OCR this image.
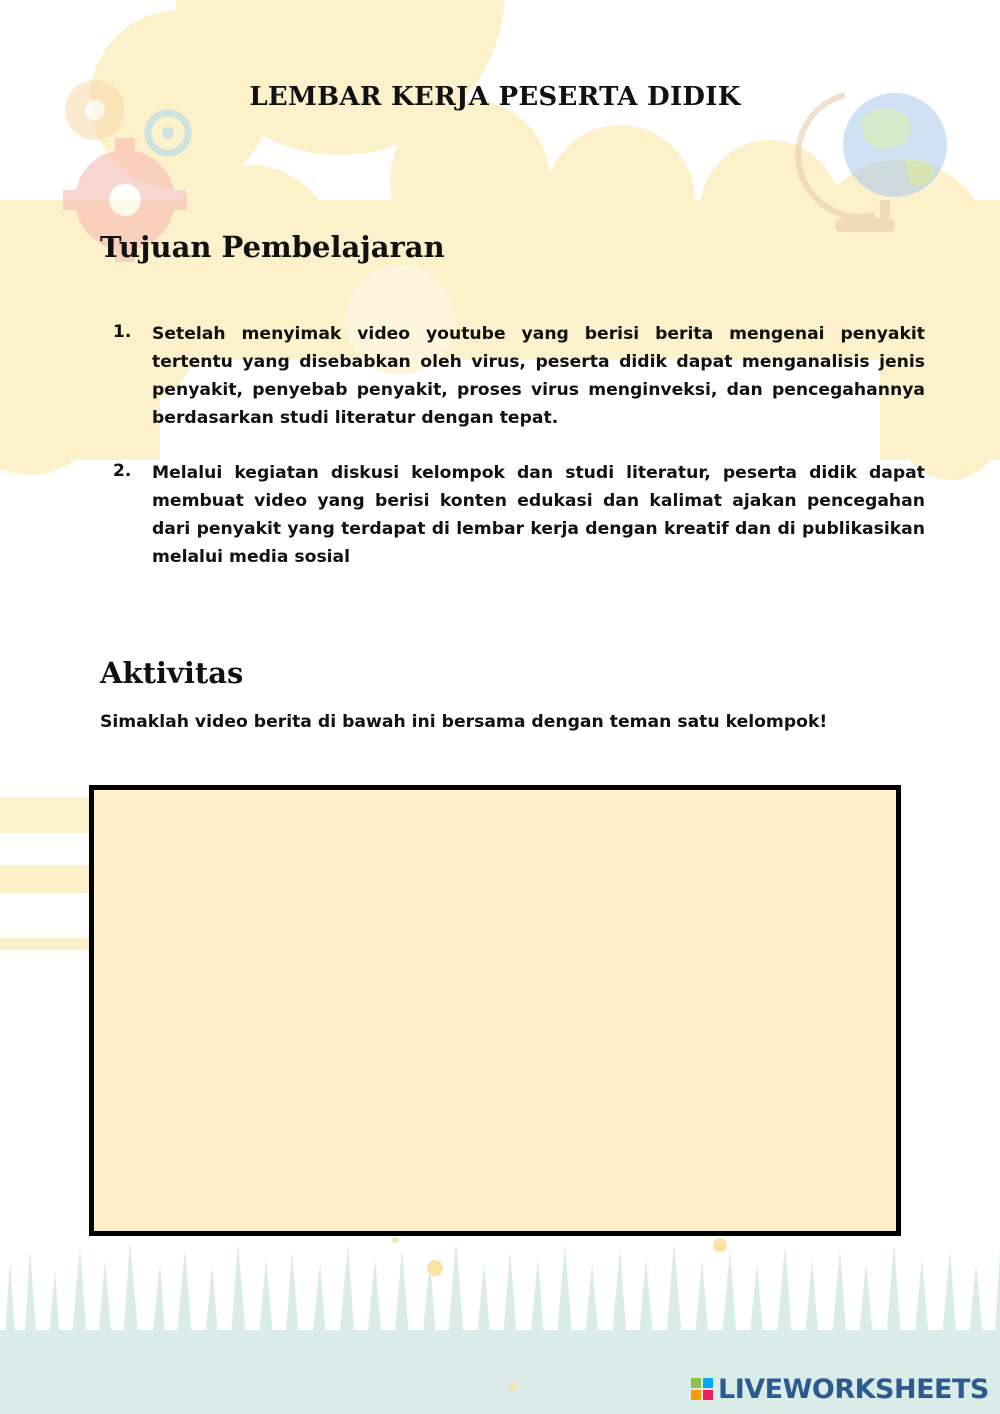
LEMBAR KERJA PESERTA DIDIK
Tujuan Pembelajaran
1. Setelah menyimak video youtube yang berisi berita mengenai penyakit tertentu yang disebabkan oleh virus, peserta didik dapat menganalisis jenis penyakit, penyebab penyakit, proses virus menginveksi, dan pencegahannya berdasarkan studi literatur dengan tepat.
2. Melalui kegiatan diskusi kelompok dan studi literatur, peserta didik dapat membuat video yang berisi konten edukasi dan kalimat ajakan pencegahan dari penyakit yang terdapat di lembar kerja dengan kreatif dan di publikasikan melalui media sosial
Aktivitas

Simaklah video berita di bawah ini bersama dengan teman satu kelompok!

LIVEWORKSHEETS
